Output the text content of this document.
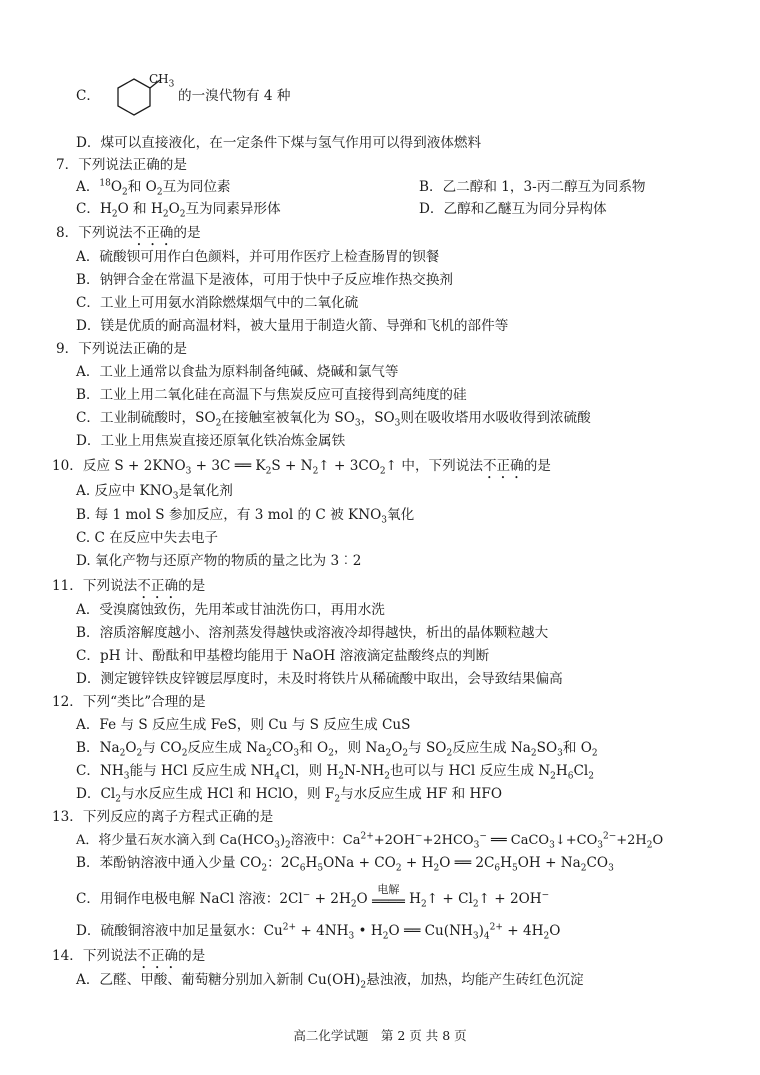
C．
$CH_3$
的一溴代物有 4 种
D．煤可以直接液化，在一定条件下煤与氢气作用可以得到液体燃料
7．下列说法正确的是
A．$^{18}O_2$和 $O_2$互为同位素	B．乙二醇和 1，3-丙二醇互为同系物
C．$H_2O$ 和 $H_2O_2$互为同素异形体	D．乙醇和乙醚互为同分异构体
8．下列说法不正确的是
A．硫酸钡可用作白色颜料，并可用作医疗上检查肠胃的钡餐
B．钠钾合金在常温下是液体，可用于快中子反应堆作热交换剂
C．工业上可用氨水消除燃煤烟气中的二氧化硫
D．镁是优质的耐高温材料，被大量用于制造火箭、导弹和飞机的部件等
9．下列说法正确的是
A．工业上通常以食盐为原料制备纯碱、烧碱和氯气等
B．工业上用二氧化硅在高温下与焦炭反应可直接得到高纯度的硅
C．工业制硫酸时，$SO_2$在接触室被氧化为 $SO_3$，$SO_3$则在吸收塔用水吸收得到浓硫酸
D．工业上用焦炭直接还原氧化铁冶炼金属铁
10．反应 $S + 2KNO_3 + 3C$ ══ $K_2S$ + $N_2↑$ + $3CO_2↑$ 中，下列说法不正确的是
A. 反应中 $KNO_3$是氧化剂
B. 每 1 mol S 参加反应，有 3 mol 的 C 被 $KNO_3$氧化
C. C 在反应中失去电子
D. 氧化产物与还原产物的物质的量之比为 3︰2
11．下列说法不正确的是
A．受溴腐蚀致伤，先用苯或甘油洗伤口，再用水洗
B．溶质溶解度越小、溶剂蒸发得越快或溶液冷却得越快，析出的晶体颗粒越大
C．pH 计、酚酞和甲基橙均能用于 NaOH 溶液滴定盐酸终点的判断
D．测定镀锌铁皮锌镀层厚度时，未及时将铁片从稀硫酸中取出，会导致结果偏高
12．下列“类比”合理的是
A．Fe 与 S 反应生成 FeS，则 Cu 与 S 反应生成 CuS
B．$Na_2O_2$与 $CO_2$反应生成 $Na_2CO_3$和 $O_2$，则 $Na_2O_2$与 $SO_2$反应生成 $Na_2SO_3$和 $O_2$
C．$NH_3$能与 HCl 反应生成 $NH_4Cl$，则 $H_2N-NH_2$也可以与 HCl 反应生成 $N_2H_6Cl_2$
D．$Cl_2$与水反应生成 HCl 和 HClO，则 $F_2$与水反应生成 HF 和 HFO
13．下列反应的离子方程式正确的是
A．将少量石灰水滴入到 $Ca(HCO_3)_2$溶液中：$Ca^{2+}+2OH^-+2HCO_3^-$ ══ $CaCO_3↓+CO_3^{2-}+2H_2O$
B．苯酚钠溶液中通入少量 $CO_2$：$2C_6H_5ONa + CO_2 + H_2O$ ══ $2C_6H_5OH + Na_2CO_3$
C．用铜作电极电解 NaCl 溶液：$2Cl^- + 2H_2O$
电解
════ $H_2↑$ + $Cl_2↑ + 2OH^-$
D．硫酸铜溶液中加足量氨水：$Cu^{2+} + 4NH_3$ • $H_2O$ ══ $Cu(NH_3)_4^{2+} + 4H_2O$
14．下列说法不正确的是
A．乙醛、甲酸、葡萄糖分别加入新制 $Cu(OH)_2$悬浊液，加热，均能产生砖红色沉淀
高二化学试题　第 2 页 共 8 页
